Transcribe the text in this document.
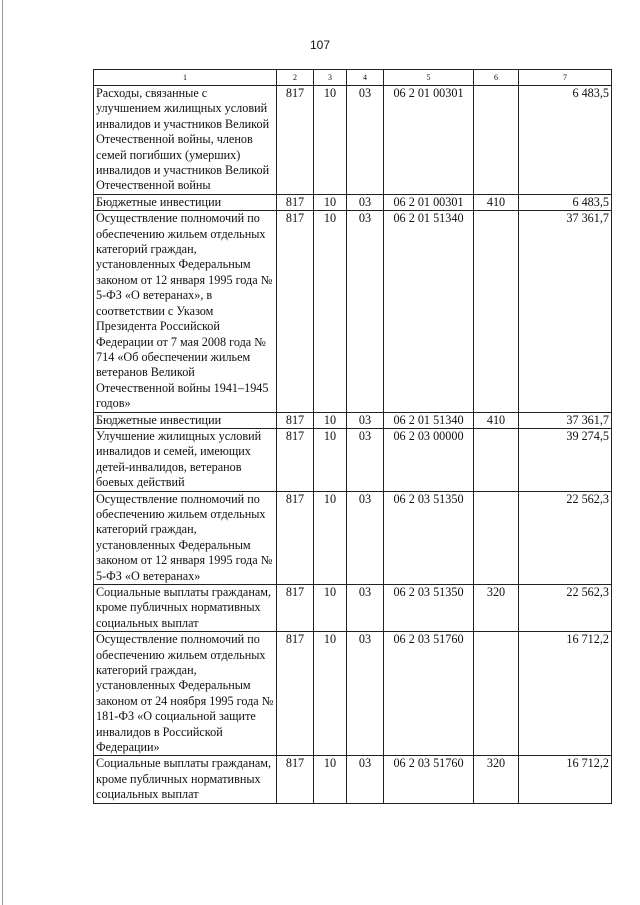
107
1	2	3	4	5	6	7
Расходы, связанные с улучшением жилищных условий инвалидов и участников Великой Отечественной войны, членов семей погибших (умерших) инвалидов и участников Великой Отечественной войны	817	10	03	06 2 01 00301		6 483,5
Бюджетные инвестиции	817	10	03	06 2 01 00301	410	6 483,5
Осуществление полномочий по обеспечению жильем отдельных категорий граждан, установленных Федеральным законом от 12 января 1995 года № 5-ФЗ «О ветеранах», в соответствии с Указом Президента Российской Федерации от 7 мая 2008 года № 714 «Об обеспечении жильем ветеранов Великой Отечественной войны 1941–1945 годов»	817	10	03	06 2 01 51340		37 361,7
Бюджетные инвестиции	817	10	03	06 2 01 51340	410	37 361,7
Улучшение жилищных условий инвалидов и семей, имеющих детей-инвалидов, ветеранов боевых действий	817	10	03	06 2 03 00000		39 274,5
Осуществление полномочий по обеспечению жильем отдельных категорий граждан, установленных Федеральным законом от 12 января 1995 года № 5-ФЗ «О ветеранах»	817	10	03	06 2 03 51350		22 562,3
Социальные выплаты гражданам, кроме публичных нормативных социальных выплат	817	10	03	06 2 03 51350	320	22 562,3
Осуществление полномочий по обеспечению жильем отдельных категорий граждан, установленных Федеральным законом от 24 ноября 1995 года № 181-ФЗ «О социальной защите инвалидов в Российской Федерации»	817	10	03	06 2 03 51760		16 712,2
Социальные выплаты гражданам, кроме публичных нормативных социальных выплат	817	10	03	06 2 03 51760	320	16 712,2
